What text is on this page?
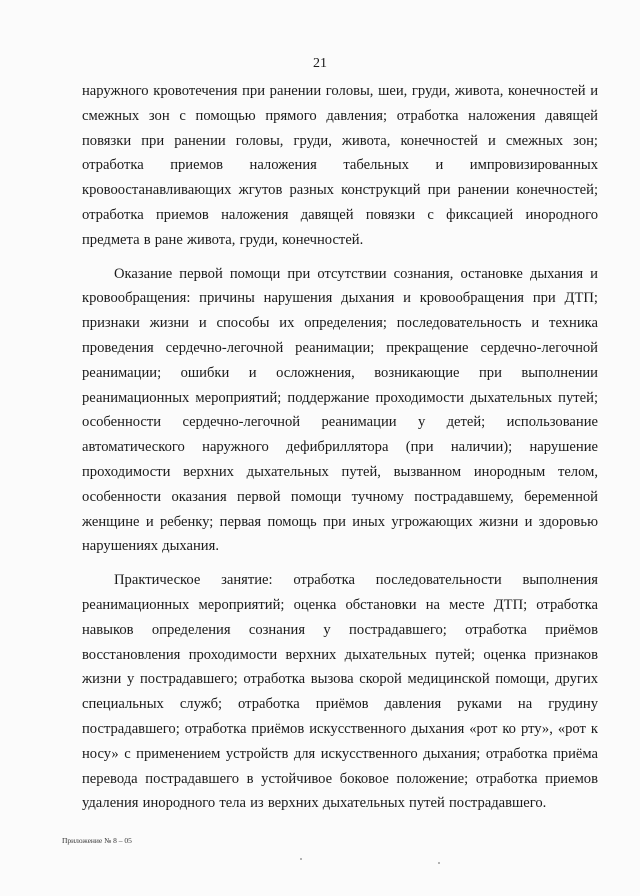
21

наружного кровотечения при ранении головы, шеи, груди, живота, конечностей и смежных зон с помощью прямого давления; отработка наложения давящей повязки при ранении головы, груди, живота, конечностей и смежных зон; отработка приемов наложения табельных и импровизированных кровоостанавливающих жгутов разных конструкций при ранении конечностей; отработка приемов наложения давящей повязки с фиксацией инородного предмета в ране живота, груди, конечностей.

Оказание первой помощи при отсутствии сознания, остановке дыхания и кровообращения: причины нарушения дыхания и кровообращения при ДТП; признаки жизни и способы их определения; последовательность и техника проведения сердечно-легочной реанимации; прекращение сердечно-легочной реанимации; ошибки и осложнения, возникающие при выполнении реанимационных мероприятий; поддержание проходимости дыхательных путей; особенности сердечно-легочной реанимации у детей; использование автоматического наружного дефибриллятора (при наличии); нарушение проходимости верхних дыхательных путей, вызванном инородным телом, особенности оказания первой помощи тучному пострадавшему, беременной женщине и ребенку; первая помощь при иных угрожающих жизни и здоровью нарушениях дыхания.

Практическое занятие: отработка последовательности выполнения реанимационных мероприятий; оценка обстановки на месте ДТП; отработка навыков определения сознания у пострадавшего; отработка приёмов восстановления проходимости верхних дыхательных путей; оценка признаков жизни у пострадавшего; отработка вызова скорой медицинской помощи, других специальных служб; отработка приёмов давления руками на грудину пострадавшего; отработка приёмов искусственного дыхания «рот ко рту», «рот к носу» с применением устройств для искусственного дыхания; отработка приёма перевода пострадавшего в устойчивое боковое положение; отработка приемов удаления инородного тела из верхних дыхательных путей пострадавшего.

Приложение № 8 – 05
